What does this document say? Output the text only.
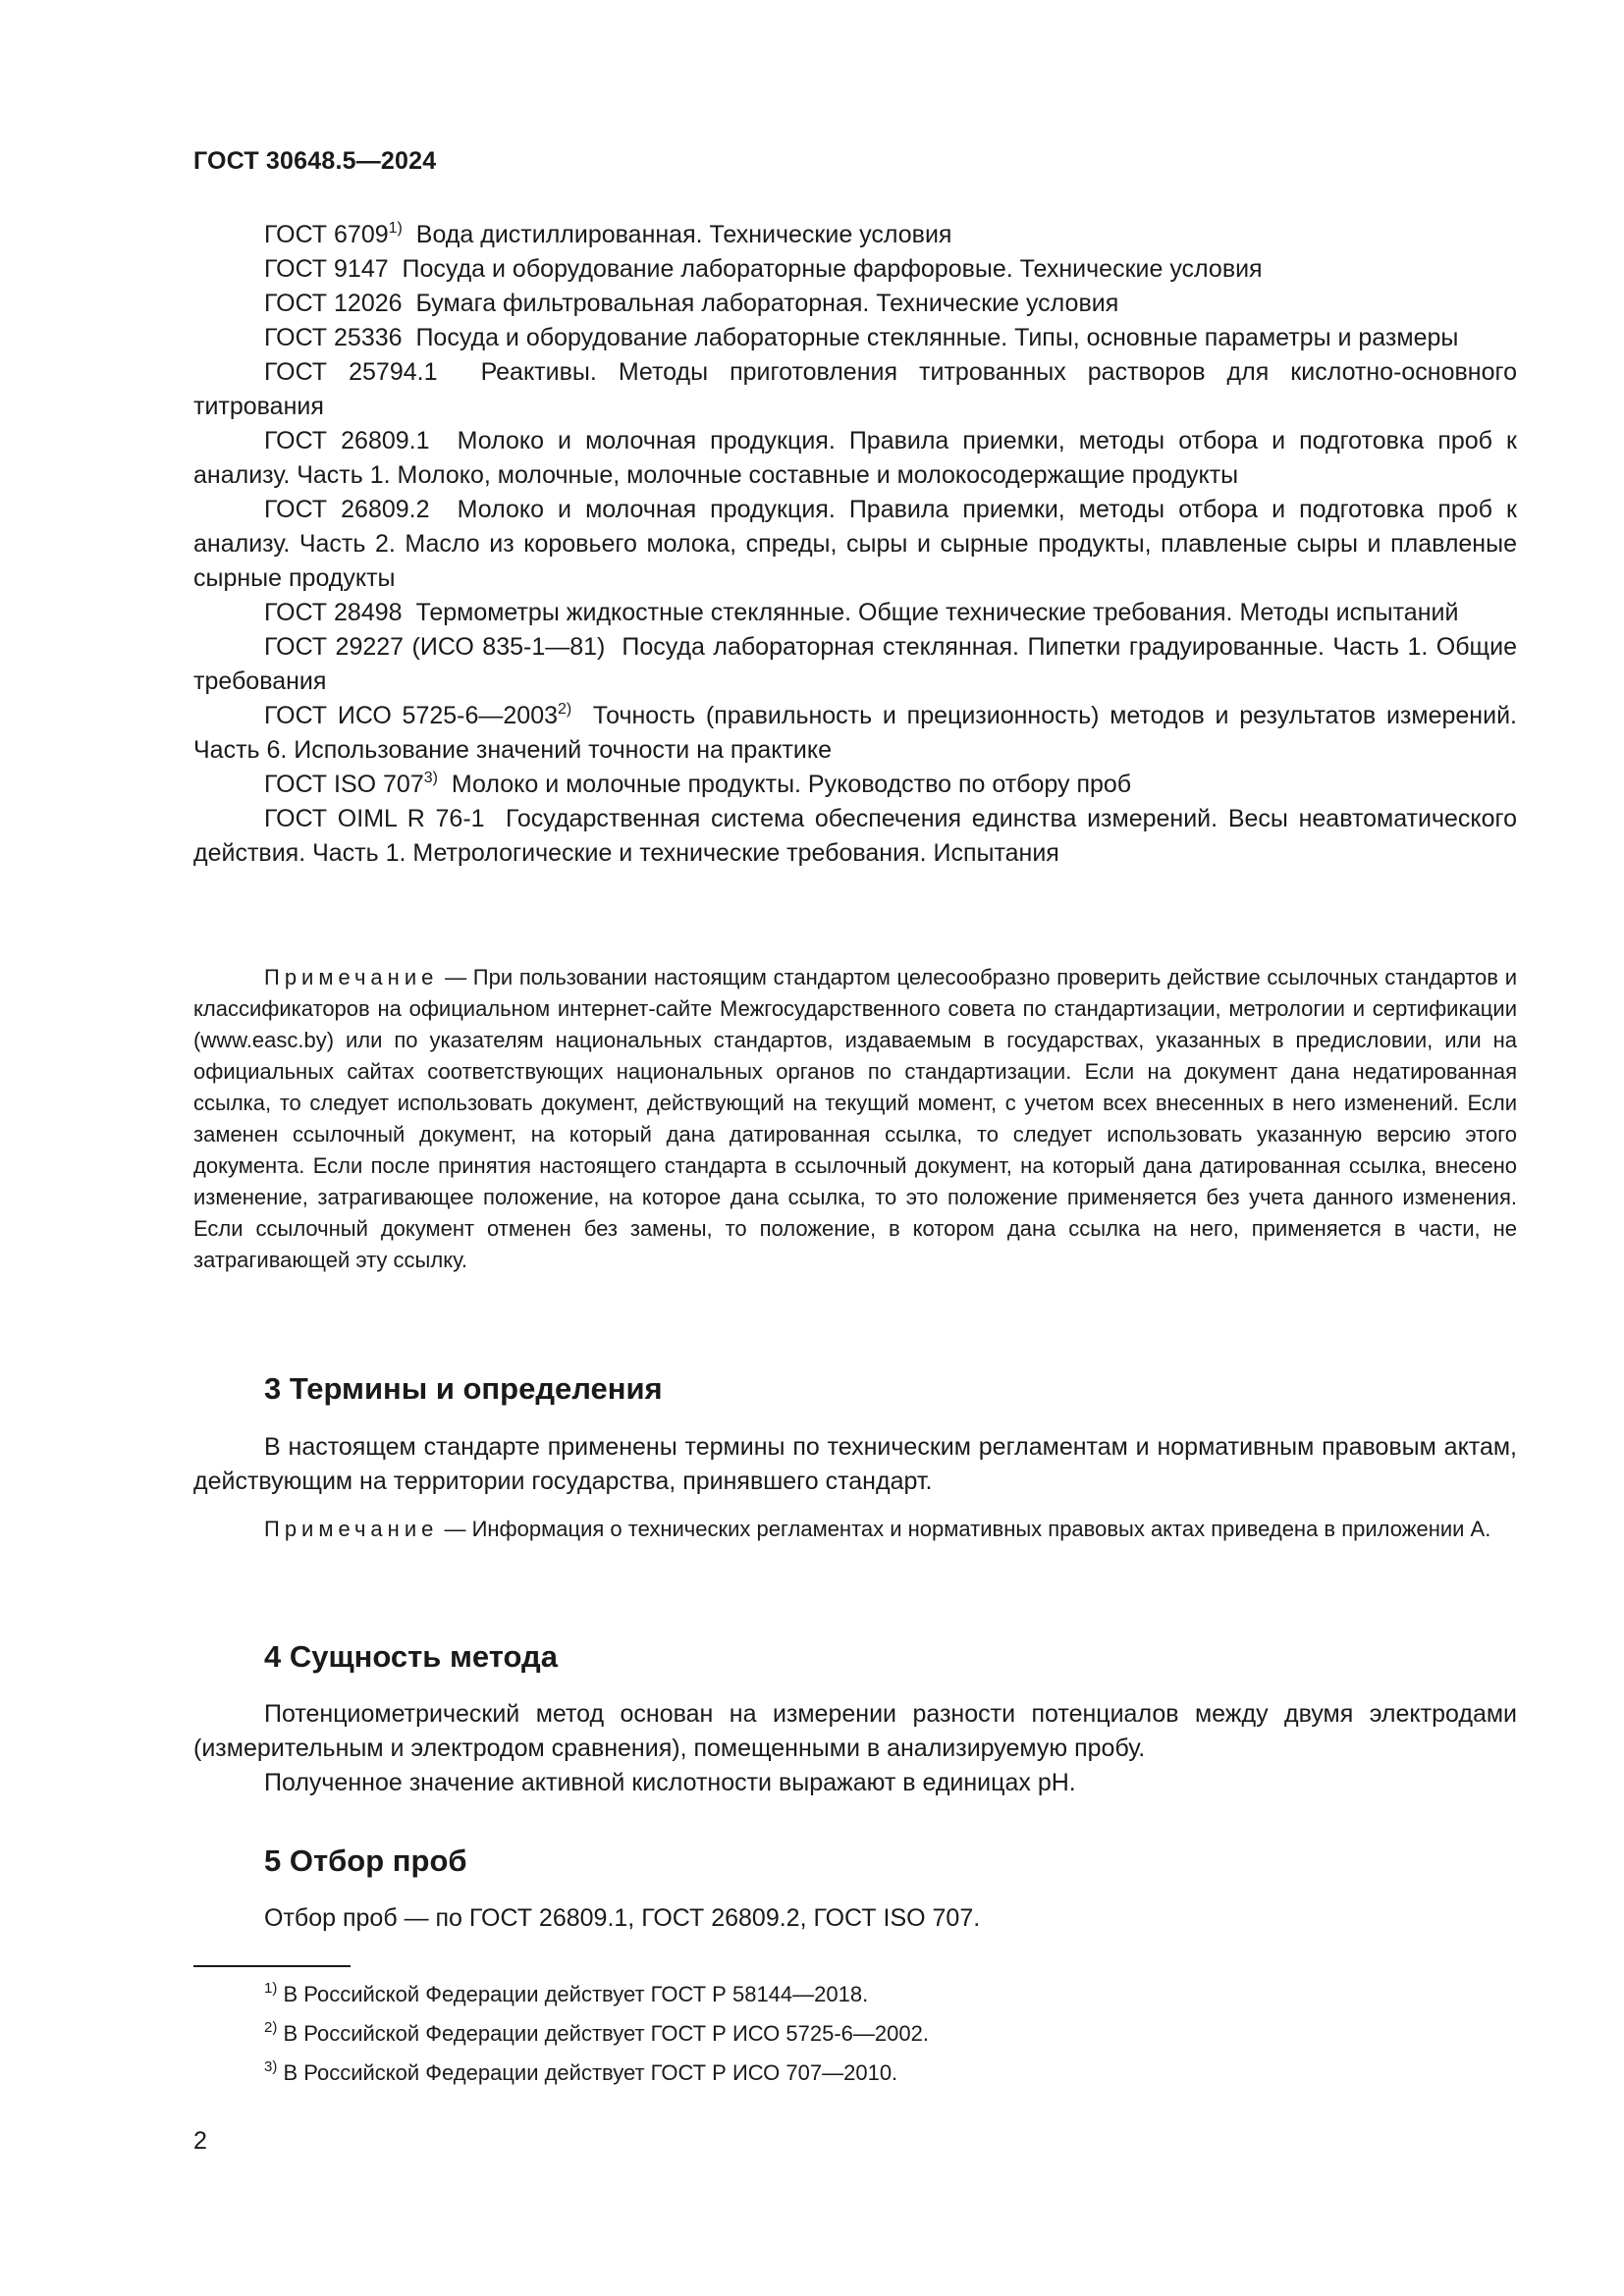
ГОСТ 30648.5—2024
ГОСТ 6709$^{1)}$ Вода дистиллированная. Технические условия
ГОСТ 9147 Посуда и оборудование лабораторные фарфоровые. Технические условия
ГОСТ 12026 Бумага фильтровальная лабораторная. Технические условия
ГОСТ 25336 Посуда и оборудование лабораторные стеклянные. Типы, основные параметры и размеры
ГОСТ 25794.1 Реактивы. Методы приготовления титрованных растворов для кислотно-основного титрования
ГОСТ 26809.1 Молоко и молочная продукция. Правила приемки, методы отбора и подготовка проб к анализу. Часть 1. Молоко, молочные, молочные составные и молокосодержащие продукты
ГОСТ 26809.2 Молоко и молочная продукция. Правила приемки, методы отбора и подготовка проб к анализу. Часть 2. Масло из коровьего молока, спреды, сыры и сырные продукты, плавленые сыры и плавленые сырные продукты
ГОСТ 28498 Термометры жидкостные стеклянные. Общие технические требования. Методы испытаний
ГОСТ 29227 (ИСО 835-1—81) Посуда лабораторная стеклянная. Пипетки градуированные. Часть 1. Общие требования
ГОСТ ИСО 5725-6—2003$^{2)}$ Точность (правильность и прецизионность) методов и результатов измерений. Часть 6. Использование значений точности на практике
ГОСТ ISO 707$^{3)}$ Молоко и молочные продукты. Руководство по отбору проб
ГОСТ OIML R 76-1 Государственная система обеспечения единства измерений. Весы неавтоматического действия. Часть 1. Метрологические и технические требования. Испытания

Примечание — При пользовании настоящим стандартом целесообразно проверить действие ссылочных стандартов и классификаторов на официальном интернет-сайте Межгосударственного совета по стандартизации, метрологии и сертификации (www.easc.by) или по указателям национальных стандартов, издаваемым в государствах, указанных в предисловии, или на официальных сайтах соответствующих национальных органов по стандартизации. Если на документ дана недатированная ссылка, то следует использовать документ, действующий на текущий момент, с учетом всех внесенных в него изменений. Если заменен ссылочный документ, на который дана датированная ссылка, то следует использовать указанную версию этого документа. Если после принятия настоящего стандарта в ссылочный документ, на который дана датированная ссылка, внесено изменение, затрагивающее положение, на которое дана ссылка, то это положение применяется без учета данного изменения. Если ссылочный документ отменен без замены, то положение, в котором дана ссылка на него, применяется в части, не затрагивающей эту ссылку.

3 Термины и определения

В настоящем стандарте применены термины по техническим регламентам и нормативным правовым актам, действующим на территории государства, принявшего стандарт.

Примечание — Информация о технических регламентах и нормативных правовых актах приведена в приложении А.

4 Сущность метода

Потенциометрический метод основан на измерении разности потенциалов между двумя электродами (измерительным и электродом сравнения), помещенными в анализируемую пробу.

Полученное значение активной кислотности выражают в единицах pH.

5 Отбор проб

Отбор проб — по ГОСТ 26809.1, ГОСТ 26809.2, ГОСТ ISO 707.

$^{1)}$ В Российской Федерации действует ГОСТ Р 58144—2018.
$^{2)}$ В Российской Федерации действует ГОСТ Р ИСО 5725-6—2002.
$^{3)}$ В Российской Федерации действует ГОСТ Р ИСО 707—2010.
2
